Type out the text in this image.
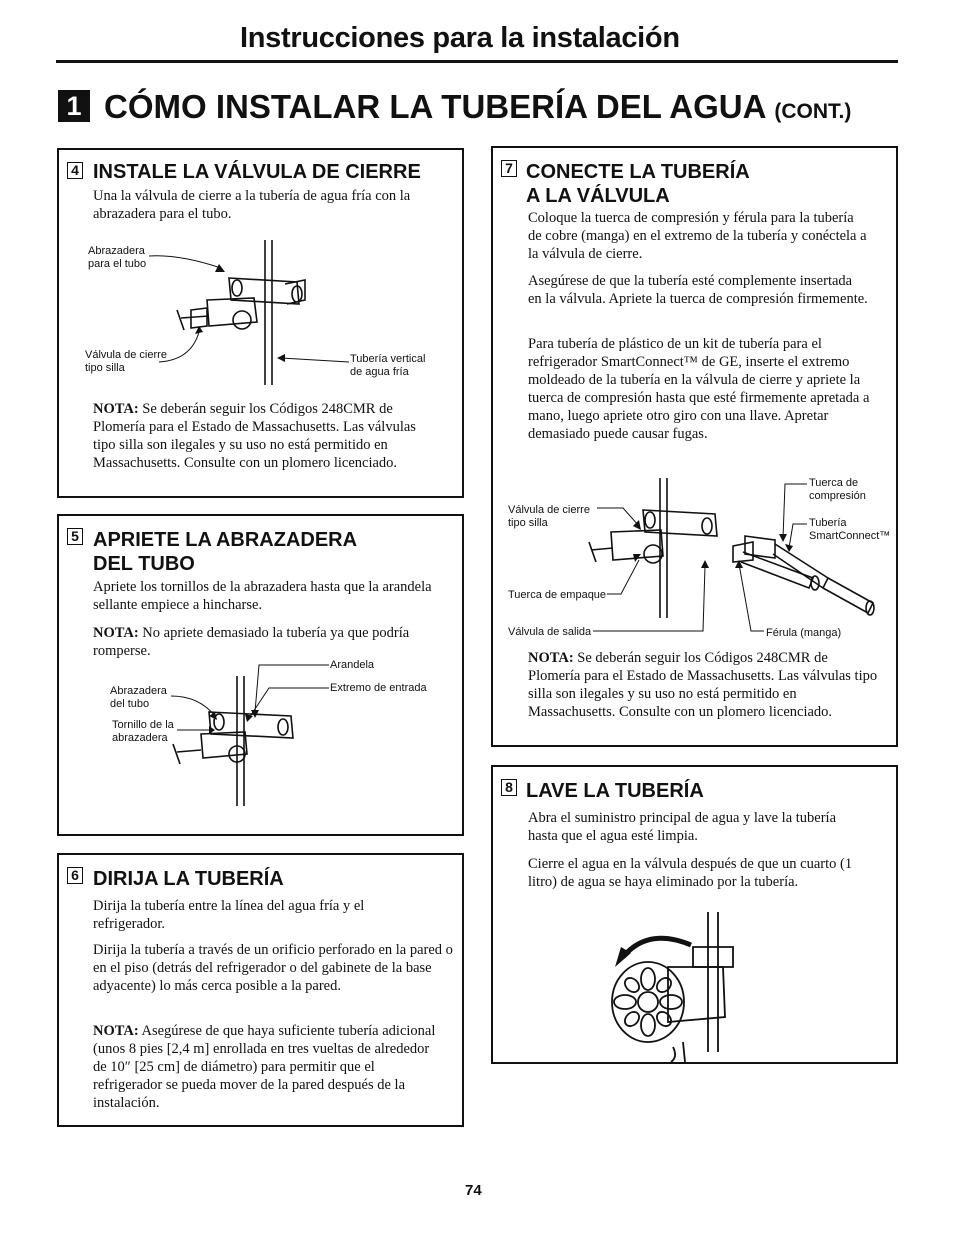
Instrucciones para la instalación
1 CÓMO INSTALAR LA TUBERÍA DEL AGUA (CONT.)
4 INSTALE LA VÁLVULA DE CIERRE
Una la válvula de cierre a la tubería de agua fría con la abrazadera para el tubo.
Abrazadera para el tubo
Válvula de cierre tipo silla
Tubería vertical de agua fría
NOTA: Se deberán seguir los Códigos 248CMR de Plomería para el Estado de Massachusetts. Las válvulas tipo silla son ilegales y su uso no está permitido en Massachusetts. Consulte con un plomero licenciado.
5 APRIETE LA ABRAZADERA
DEL TUBO
Apriete los tornillos de la abrazadera hasta que la arandela sellante empiece a hincharse.
NOTA: No apriete demasiado la tubería ya que podría romperse.
Arandela
Extremo de entrada
Abrazadera del tubo
Tornillo de la abrazadera
6 DIRIJA LA TUBERÍA
Dirija la tubería entre la línea del agua fría y el refrigerador.
Dirija la tubería a través de un orificio perforado en la pared o en el piso (detrás del refrigerador o del gabinete de la base adyacente) lo más cerca posible a la pared.
NOTA: Asegúrese de que haya suficiente tubería adicional (unos 8 pies [2,4 m] enrollada en tres vueltas de alrededor de 10″ [25 cm] de diámetro) para permitir que el refrigerador se pueda mover de la pared después de la instalación.
7 CONECTE LA TUBERÍA
A LA VÁLVULA
Coloque la tuerca de compresión y férula para la tubería de cobre (manga) en el extremo de la tubería y conéctela a la válvula de cierre.
Asegúrese de que la tubería esté complemente insertada en la válvula. Apriete la tuerca de compresión firmemente.
Para tubería de plástico de un kit de tubería para el refrigerador SmartConnect™ de GE, inserte el extremo moldeado de la tubería en la válvula de cierre y apriete la tuerca de compresión hasta que esté firmemente apretada a mano, luego apriete otro giro con una llave. Apretar demasiado puede causar fugas.
Válvula de cierre tipo silla
Tuerca de compresión
Tubería SmartConnect™
Tuerca de empaque
Válvula de salida	Férula (manga)
NOTA: Se deberán seguir los Códigos 248CMR de Plomería para el Estado de Massachusetts. Las válvulas tipo silla son ilegales y su uso no está permitido en Massachusetts. Consulte con un plomero licenciado.
8 LAVE LA TUBERÍA
Abra el suministro principal de agua y lave la tubería hasta que el agua esté limpia.
Cierre el agua en la válvula después de que un cuarto (1 litro) de agua se haya eliminado por la tubería.
74
